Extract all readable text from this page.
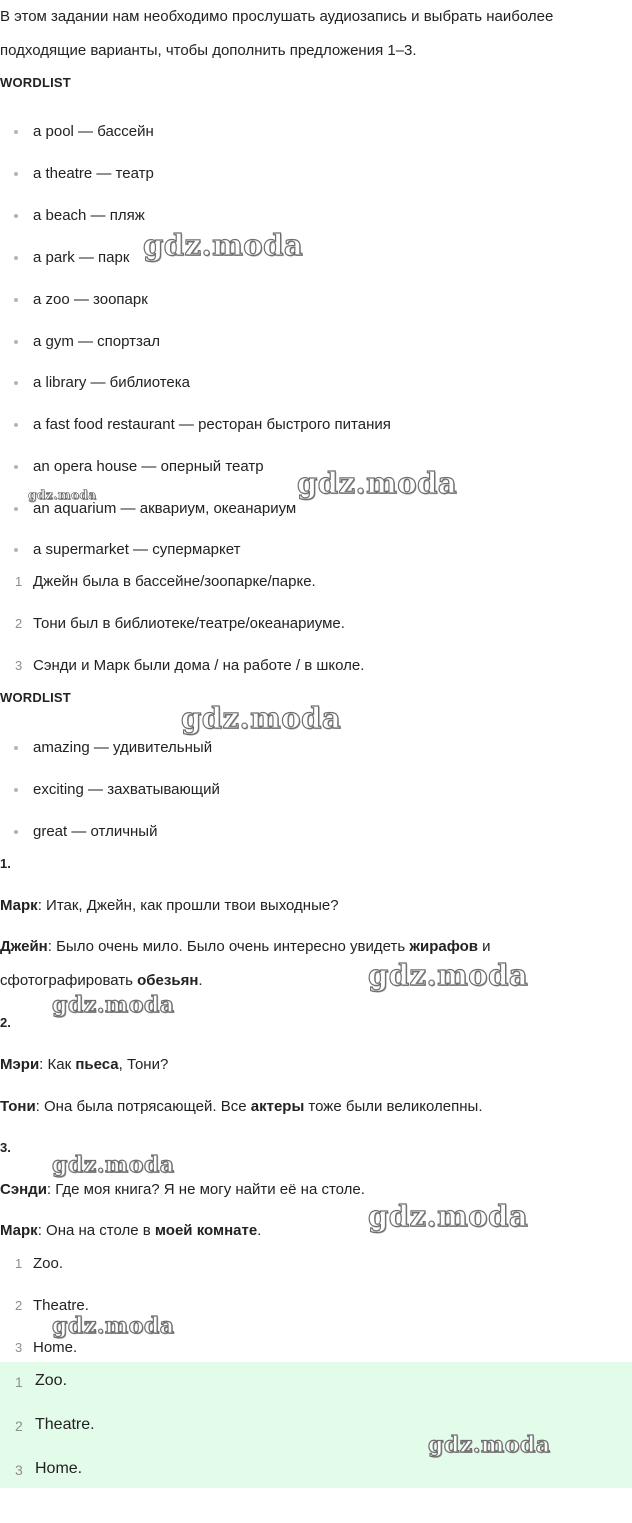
В этом задании нам необходимо прослушать аудиозапись и выбрать наиболее подходящие варианты, чтобы дополнить предложения 1–3.
WORDLIST
a pool — бассейн
a theatre — театр
a beach — пляж
a park — парк
a zoo — зоопарк
a gym — спортзал
a library — библиотека
a fast food restaurant — ресторан быстрого питания
an opera house — оперный театр
an aquarium — аквариум, океанариум
a supermarket — супермаркет
1 Джейн была в бассейне/зоопарке/парке.
2 Тони был в библиотеке/театре/океанариуме.
3 Сэнди и Марк были дома / на работе / в школе.
WORDLIST
amazing — удивительный
exciting — захватывающий
great — отличный
1.
Марк: Итак, Джейн, как прошли твои выходные?
Джейн: Было очень мило. Было очень интересно увидеть жирафов и
сфотографировать обезьян.
2.
Мэри: Как пьеса, Тони?
Тони: Она была потрясающей. Все актеры тоже были великолепны.
3.
Сэнди: Где моя книга? Я не могу найти её на столе.
Марк: Она на столе в моей комнате.
1 Zoo.
2 Theatre.
3 Home.
1 Zoo.
2 Theatre.
3 Home.
gdz.moda
gdz.moda
gdz.moda
gdz.moda
gdz.moda
gdz.moda
gdz.moda
gdz.moda
gdz.moda
gdz.moda
